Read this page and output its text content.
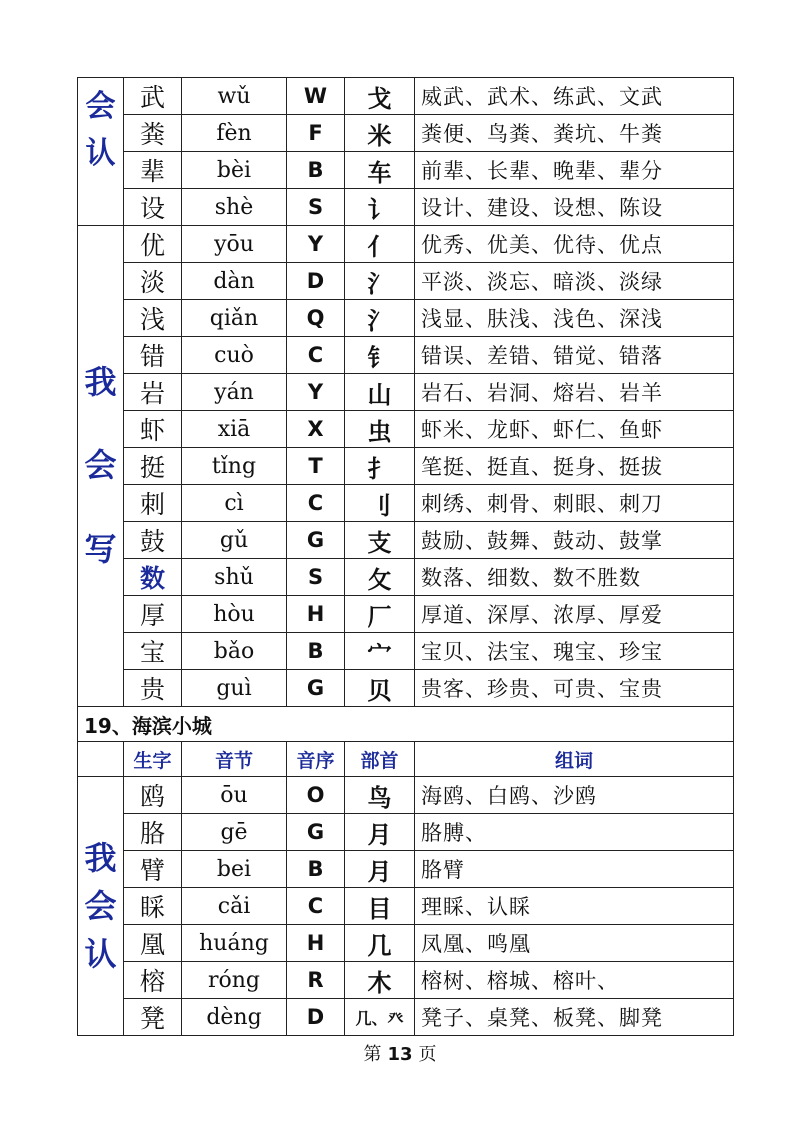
会认	武	wǔ	W	戈	威武、武术、练武、文武
	粪	fèn	F	米	粪便、鸟粪、粪坑、牛粪
	辈	bèi	B	车	前辈、长辈、晚辈、辈分
	设	shè	S	讠	设计、建设、设想、陈设
我会写	优	yōu	Y	亻	优秀、优美、优待、优点
	淡	dàn	D	氵	平淡、淡忘、暗淡、淡绿
	浅	qiǎn	Q	氵	浅显、肤浅、浅色、深浅
	错	cuò	C	钅	错误、差错、错觉、错落
	岩	yán	Y	山	岩石、岩洞、熔岩、岩羊
	虾	xiā	X	虫	虾米、龙虾、虾仁、鱼虾
	挺	tǐng	T	扌	笔挺、挺直、挺身、挺拔
	刺	cì	C	刂	刺绣、刺骨、刺眼、刺刀
	鼓	gǔ	G	支	鼓励、鼓舞、鼓动、鼓掌
	数	shǔ	S	攵	数落、细数、数不胜数
	厚	hòu	H	厂	厚道、深厚、浓厚、厚爱
	宝	bǎo	B	宀	宝贝、法宝、瑰宝、珍宝
	贵	guì	G	贝	贵客、珍贵、可贵、宝贵
19、海滨小城					
	生字	音节	音序	部首	组词
我会认	鸥	ōu	O	鸟	海鸥、白鸥、沙鸥
	胳	gē	G	月	胳膊、
	臂	bei	B	月	胳臂
	睬	cǎi	C	目	理睬、认睬
	凰	huáng	H	几	凤凰、鸣凰
	榕	róng	R	木	榕树、榕城、榕叶、
	凳	dèng	D	几、癶	凳子、桌凳、板凳、脚凳
第 13 页
